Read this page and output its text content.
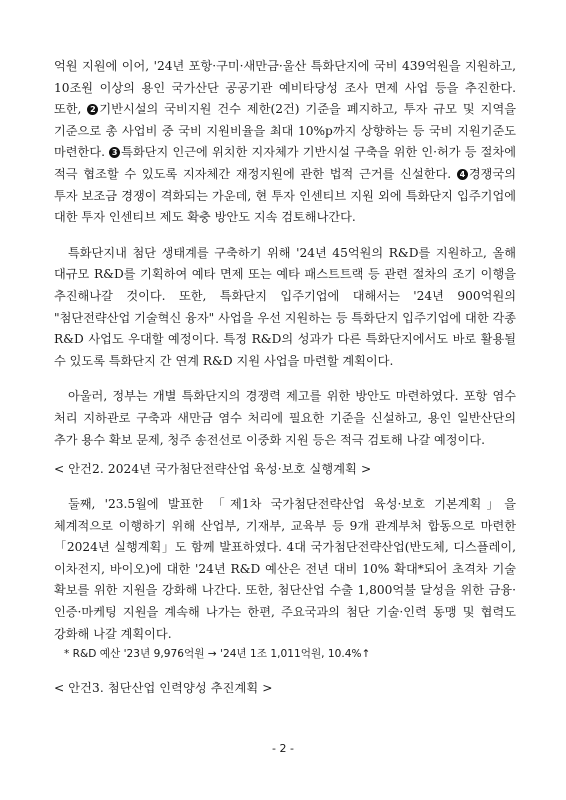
억원 지원에 이어, '24년 포항·구미·새만금·울산 특화단지에 국비 439억원을 지원하고, 10조원 이상의 용인 국가산단 공공기관 예비타당성 조사 면제 사업 등을 추진한다. 또한, 2 기반시설의 국비지원 건수 제한(2건) 기준을 폐지하고, 투자 규모 및 지역을 기준으로 총 사업비 중 국비 지원비율을 최대 10%p까지 상향하는 등 국비 지원기준도 마련한다. 3 특화단지 인근에 위치한 지자체가 기반시설 구축을 위한 인·허가 등 절차에 적극 협조할 수 있도록 지자체간 재정지원에 관한 법적 근거를 신설한다. 4 경쟁국의 투자 보조금 경쟁이 격화되는 가운데, 현 투자 인센티브 지원 외에 특화단지 입주기업에 대한 투자 인센티브 제도 확충 방안도 지속 검토해나간다.

특화단지내 첨단 생태계를 구축하기 위해 '24년 45억원의 R&D를 지원하고, 올해 대규모 R&D를 기획하여 예타 면제 또는 예타 패스트트랙 등 관련 절차의 조기 이행을 추진해나갈 것이다. 또한, 특화단지 입주기업에 대해서는 '24년 900억원의 "첨단전략산업 기술혁신 융자" 사업을 우선 지원하는 등 특화단지 입주기업에 대한 각종 R&D 사업도 우대할 예정이다. 특정 R&D의 성과가 다른 특화단지에서도 바로 활용될 수 있도록 특화단지 간 연계 R&D 지원 사업을 마련할 계획이다.

아울러, 정부는 개별 특화단지의 경쟁력 제고를 위한 방안도 마련하였다. 포항 염수 처리 지하관로 구축과 새만금 염수 처리에 필요한 기준을 신설하고, 용인 일반산단의 추가 용수 확보 문제, 청주 송전선로 이중화 지원 등은 적극 검토해 나갈 예정이다.

< 안건2. 2024년 국가첨단전략산업 육성·보호 실행계획 >

둘째, '23.5월에 발표한 「제1차 국가첨단전략산업 육성·보호 기본계획」을 체계적으로 이행하기 위해 산업부, 기재부, 교육부 등 9개 관계부처 합동으로 마련한 「2024년 실행계획」도 함께 발표하였다. 4대 국가첨단전략산업(반도체, 디스플레이, 이차전지, 바이오)에 대한 '24년 R&D 예산은 전년 대비 10% 확대*되어 초격차 기술 확보를 위한 지원을 강화해 나간다. 또한, 첨단산업 수출 1,800억불 달성을 위한 금융·인증·마케팅 지원을 계속해 나가는 한편, 주요국과의 첨단 기술·인력 동맹 및 협력도 강화해 나갈 계획이다.

* R&D 예산 '23년 9,976억원 → '24년 1조 1,011억원, 10.4%↑

< 안건3. 첨단산업 인력양성 추진계획 >

- 2 -
